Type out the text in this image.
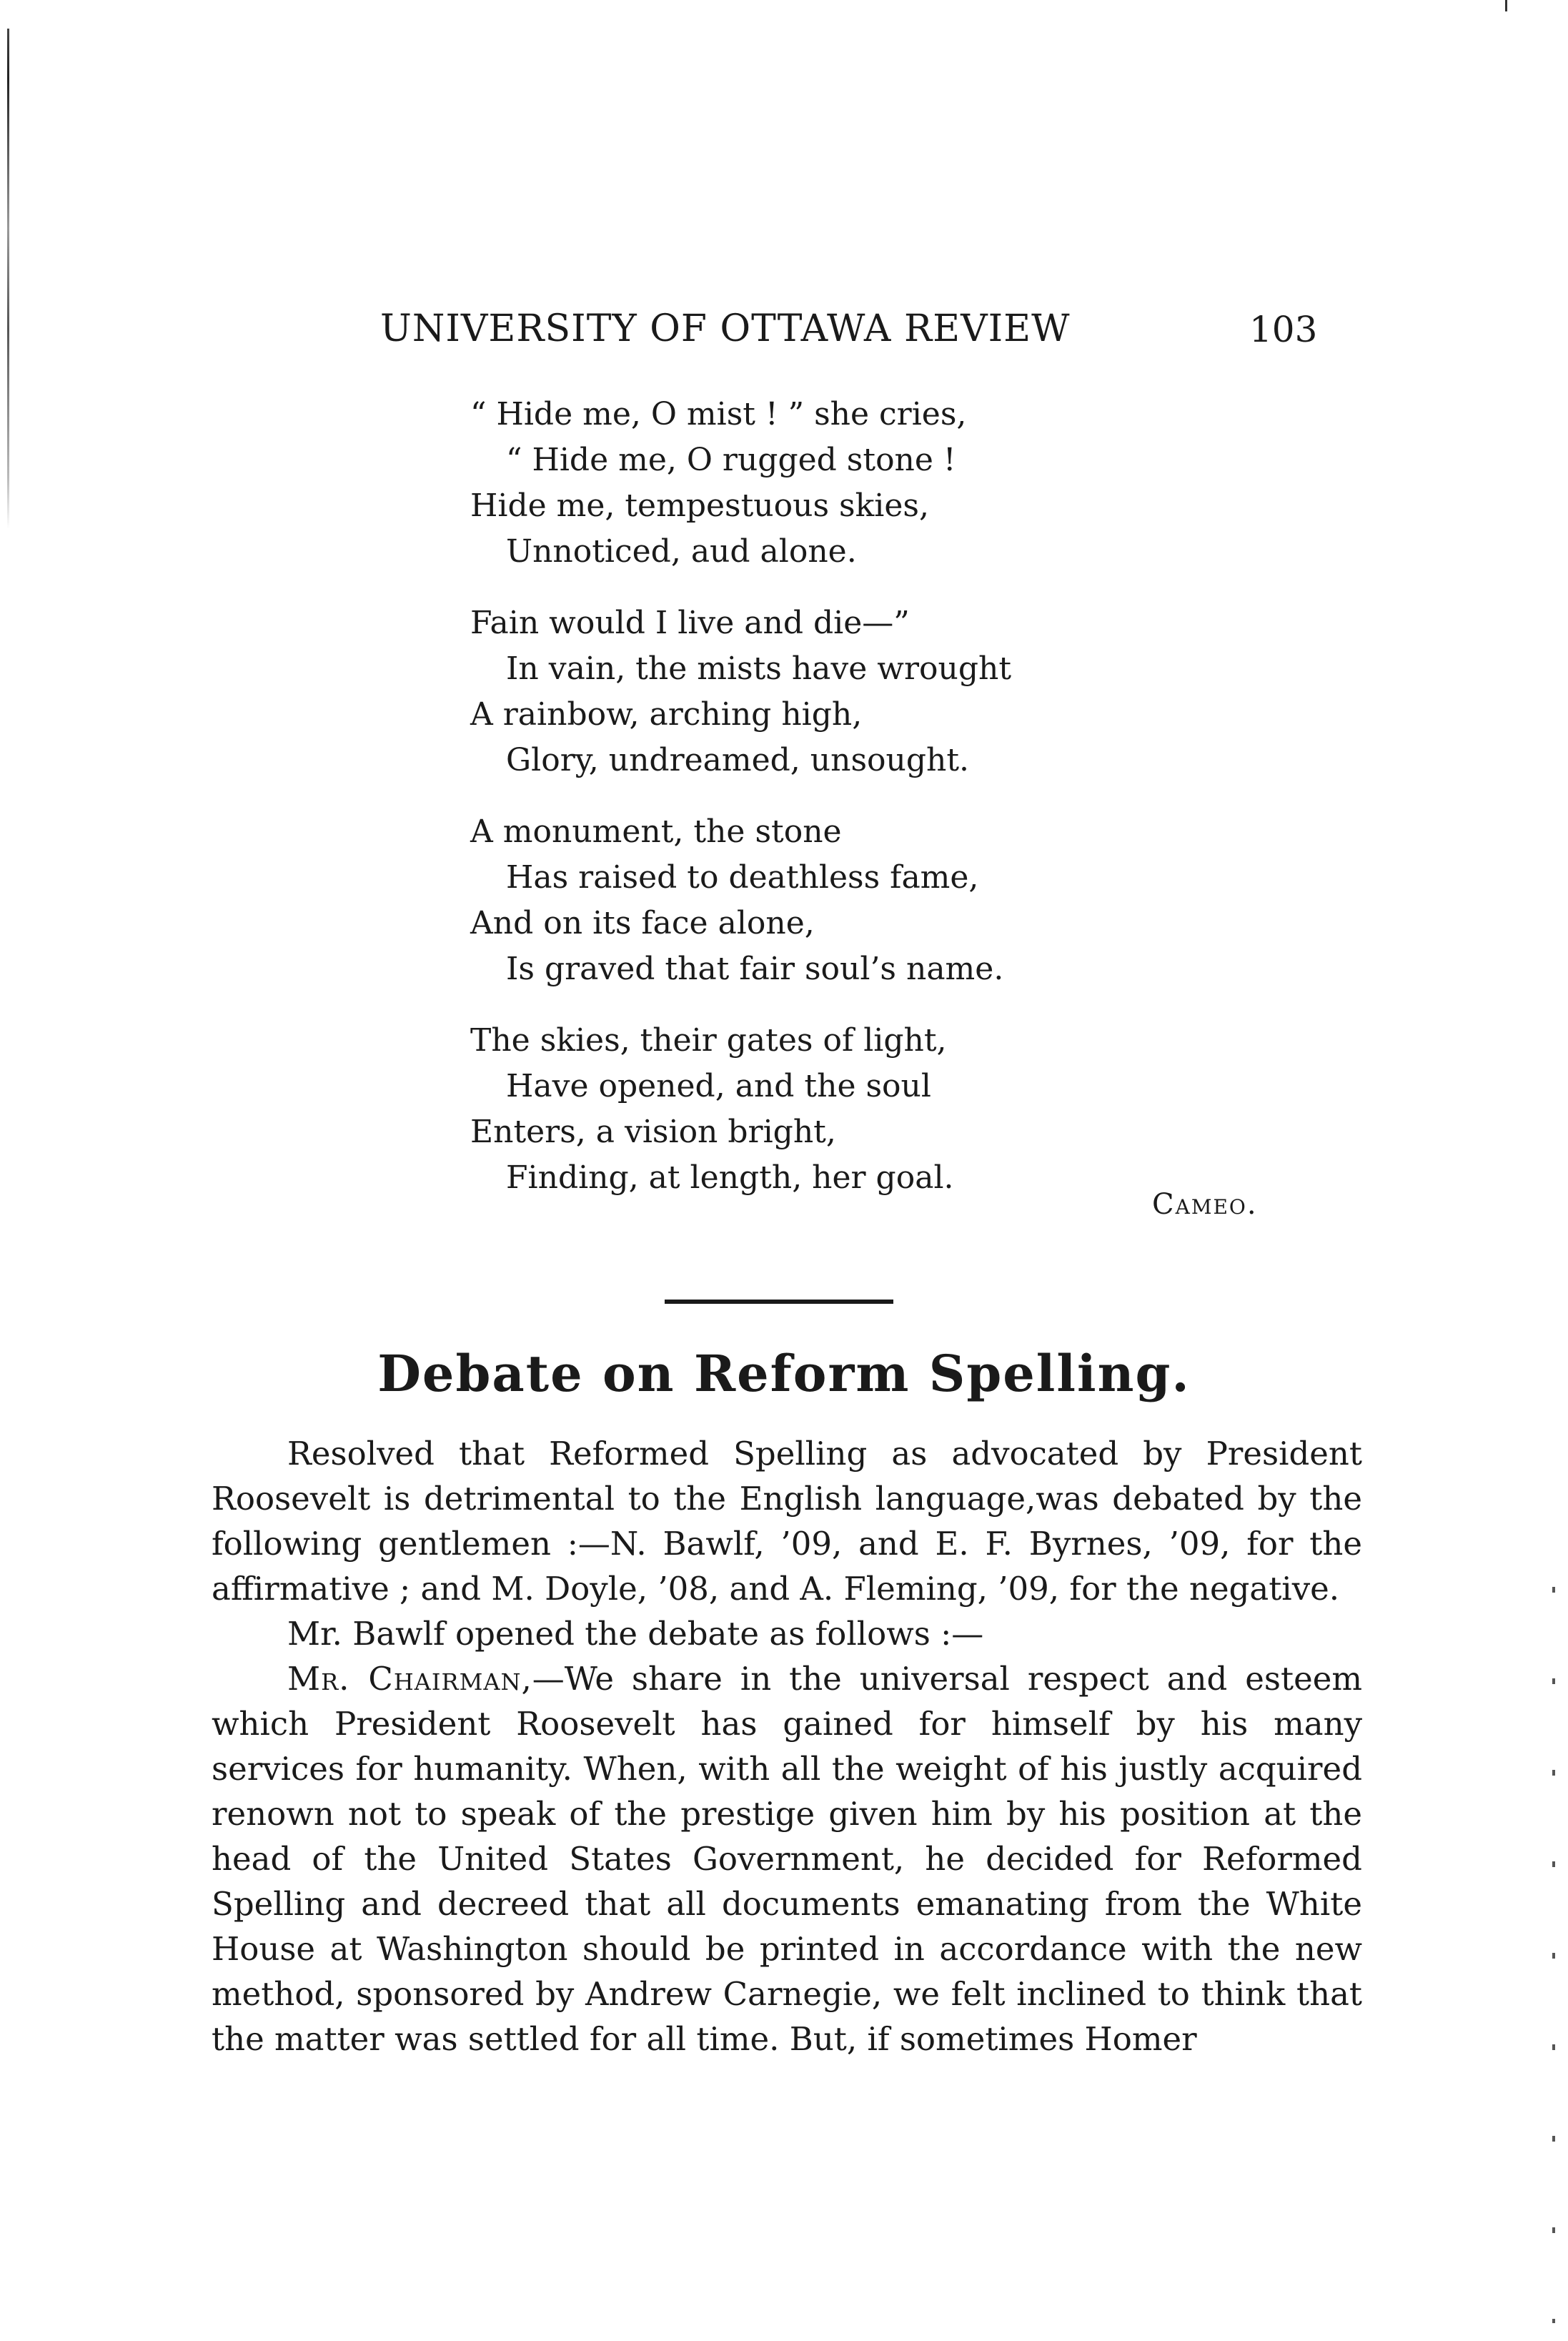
UNIVERSITY OF OTTAWA REVIEW	103
“ Hide me, O mist ! ” she cries,
“ Hide me, O rugged stone !
Hide me, tempestuous skies,
Unnoticed, aud alone.
Fain would I live and die—”
In vain, the mists have wrought
A rainbow, arching high,
Glory, undreamed, unsought.
A monument, the stone
Has raised to deathless fame,
And on its face alone,
Is graved that fair soul’s name.
The skies, their gates of light,
Have opened, and the soul
Enters, a vision bright,
Finding, at length, her goal.
Cameo.
Debate on Reform Spelling.

Resolved that Reformed Spelling as advocated by President Roosevelt is detrimental to the English language,was debated by the following gentlemen :—N. Bawlf, ’09, and E. F. Byrnes, ’09, for the affirmative ; and M. Doyle, ’08, and A. Fleming, ’09, for the negative.

Mr. Bawlf opened the debate as follows :—

Mr. Chairman,—We share in the universal respect and esteem which President Roosevelt has gained for himself by his many services for humanity. When, with all the weight of his justly acquired renown not to speak of the prestige given him by his position at the head of the United States Government, he decided for Reformed Spelling and decreed that all documents emanating from the White House at Washington should be printed in accordance with the new method, sponsored by Andrew Carnegie, we felt inclined to think that the matter was settled for all time. But, if sometimes Homer
